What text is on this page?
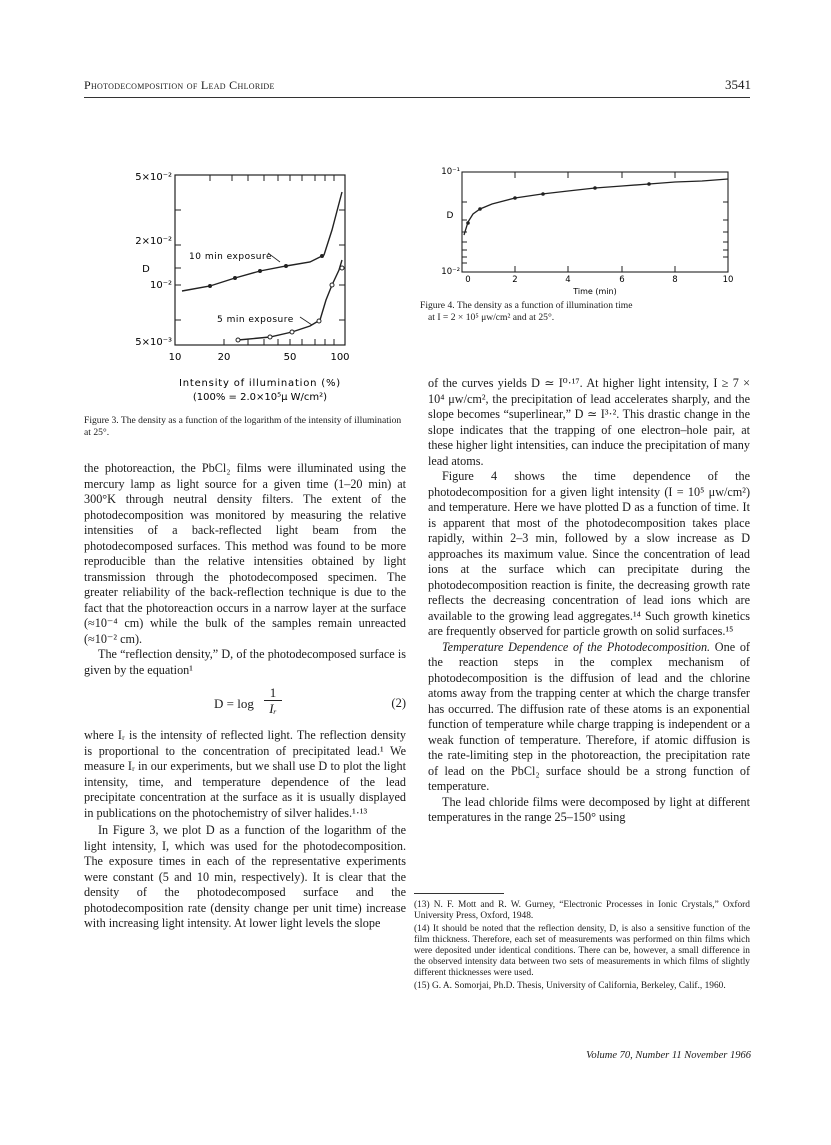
Photodecomposition of Lead Chloride	3541
5×10⁻²
2×10⁻²
10⁻²
5×10⁻³
D
10	20	50	100
Intensity of illumination (%)
(100% = 2.0×10⁵μ W/cm²)
10 min exposure
5 min exposure
Figure 3. The density as a function of the logarithm of the intensity of illumination at 25°.
10⁻¹
10⁻²
D
0	2	4	6	8	10
Time (min)
Figure 4. The density as a function of illumination time
at I = 2 × 10⁵ μw/cm² and at 25°.

the photoreaction, the PbCl₂ films were illuminated using the mercury lamp as light source for a given time (1–20 min) at 300°K through neutral density filters. The extent of the photodecomposition was monitored by measuring the relative intensities of a back-reflected light beam from the photodecomposed surfaces. This method was found to be more reproducible than the relative intensities obtained by light transmission through the photodecomposed specimen. The greater reliability of the back-reflection technique is due to the fact that the photoreaction occurs in a narrow layer at the surface (≈10⁻⁴ cm) while the bulk of the samples remain unreacted (≈10⁻² cm).

The “reflection density,” D, of the photodecomposed surface is given by the equation¹

$D = \log \frac{1}{\text{Iᵣ}}$	(2)

where Iᵣ is the intensity of reflected light. The reflection density is proportional to the concentration of precipitated lead.¹ We measure Iᵣ in our experiments, but we shall use D to plot the light intensity, time, and temperature dependence of the lead precipitate concentration at the surface as it is usually displayed in publications on the photochemistry of silver halides.¹·¹³

In Figure 3, we plot D as a function of the logarithm of the light intensity, I, which was used for the photodecomposition. The exposure times in each of the representative experiments were constant (5 and 10 min, respectively). It is clear that the density of the photodecomposed surface and the photodecomposition rate (density change per unit time) increase with increasing light intensity. At lower light levels the slope

of the curves yields D ≃ I⁰·¹⁷. At higher light intensity, I ≥ 7 × 10⁴ μw/cm², the precipitation of lead accelerates sharply, and the slope becomes “superlinear,” D ≃ I³·². This drastic change in the slope indicates that the trapping of one electron–hole pair, at these higher light intensities, can induce the precipitation of many lead atoms.

Figure 4 shows the time dependence of the photodecomposition for a given light intensity (I = 10⁵ μw/cm²) and temperature. Here we have plotted D as a function of time. It is apparent that most of the photodecomposition takes place rapidly, within 2–3 min, followed by a slow increase as D approaches its maximum value. Since the concentration of lead ions at the surface which can precipitate during the photodecomposition reaction is finite, the decreasing growth rate reflects the decreasing concentration of lead ions which are available to the growing lead aggregates.¹⁴ Such growth kinetics are frequently observed for particle growth on solid surfaces.¹⁵

Temperature Dependence of the Photodecomposition. One of the reaction steps in the complex mechanism of photodecomposition is the diffusion of lead and the chlorine atoms away from the trapping center at which the charge transfer has occurred. The diffusion rate of these atoms is an exponential function of temperature while charge trapping is independent or a weak function of temperature. Therefore, if atomic diffusion is the rate-limiting step in the photoreaction, the precipitation rate of lead on the PbCl₂ surface should be a strong function of temperature.

The lead chloride films were decomposed by light at different temperatures in the range 25–150° using

(13) N. F. Mott and R. W. Gurney, “Electronic Processes in Ionic Crystals,” Oxford University Press, Oxford, 1948.

(14) It should be noted that the reflection density, D, is also a sensitive function of the film thickness. Therefore, each set of measurements was performed on thin films which were deposited under identical conditions. There can be, however, a small difference in the observed intensity data between two sets of measurements in which films of slightly different thicknesses were used.

(15) G. A. Somorjai, Ph.D. Thesis, University of California, Berkeley, Calif., 1960.

Volume 70, Number 11 November 1966
